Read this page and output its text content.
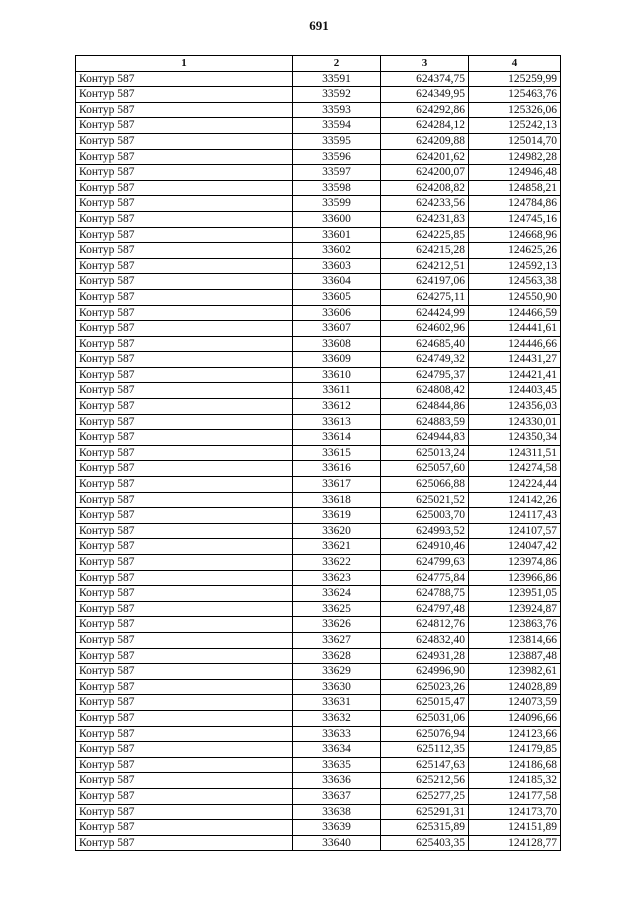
691
1	2	3	4
Контур 587	33591	624374,75	125259,99
Контур 587	33592	624349,95	125463,76
Контур 587	33593	624292,86	125326,06
Контур 587	33594	624284,12	125242,13
Контур 587	33595	624209,88	125014,70
Контур 587	33596	624201,62	124982,28
Контур 587	33597	624200,07	124946,48
Контур 587	33598	624208,82	124858,21
Контур 587	33599	624233,56	124784,86
Контур 587	33600	624231,83	124745,16
Контур 587	33601	624225,85	124668,96
Контур 587	33602	624215,28	124625,26
Контур 587	33603	624212,51	124592,13
Контур 587	33604	624197,06	124563,38
Контур 587	33605	624275,11	124550,90
Контур 587	33606	624424,99	124466,59
Контур 587	33607	624602,96	124441,61
Контур 587	33608	624685,40	124446,66
Контур 587	33609	624749,32	124431,27
Контур 587	33610	624795,37	124421,41
Контур 587	33611	624808,42	124403,45
Контур 587	33612	624844,86	124356,03
Контур 587	33613	624883,59	124330,01
Контур 587	33614	624944,83	124350,34
Контур 587	33615	625013,24	124311,51
Контур 587	33616	625057,60	124274,58
Контур 587	33617	625066,88	124224,44
Контур 587	33618	625021,52	124142,26
Контур 587	33619	625003,70	124117,43
Контур 587	33620	624993,52	124107,57
Контур 587	33621	624910,46	124047,42
Контур 587	33622	624799,63	123974,86
Контур 587	33623	624775,84	123966,86
Контур 587	33624	624788,75	123951,05
Контур 587	33625	624797,48	123924,87
Контур 587	33626	624812,76	123863,76
Контур 587	33627	624832,40	123814,66
Контур 587	33628	624931,28	123887,48
Контур 587	33629	624996,90	123982,61
Контур 587	33630	625023,26	124028,89
Контур 587	33631	625015,47	124073,59
Контур 587	33632	625031,06	124096,66
Контур 587	33633	625076,94	124123,66
Контур 587	33634	625112,35	124179,85
Контур 587	33635	625147,63	124186,68
Контур 587	33636	625212,56	124185,32
Контур 587	33637	625277,25	124177,58
Контур 587	33638	625291,31	124173,70
Контур 587	33639	625315,89	124151,89
Контур 587	33640	625403,35	124128,77
